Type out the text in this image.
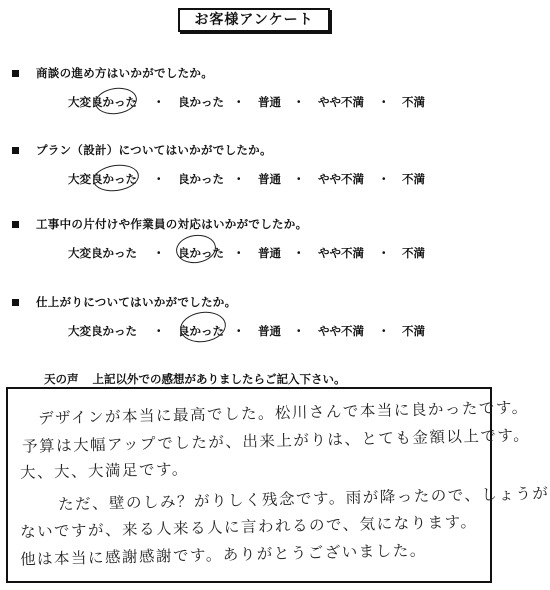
お客様アンケート
商談の進め方はいかがでしたか。
大変良かった ・ 良かった ・ 普通 ・ やや不満 ・ 不満
プラン（設計）についてはいかがでしたか。
大変良かった ・ 良かった ・ 普通 ・ やや不満 ・ 不満
工事中の片付けや作業員の対応はいかがでしたか。
大変良かった ・ 良かった ・ 普通 ・ やや不満 ・ 不満
仕上がりについてはいかがでしたか。
大変良かった ・ 良かった ・ 普通 ・ やや不満 ・ 不満
天の声 上記以外での感想がありましたらご記入下さい。
デザインが本当に最高でした。松川さんで本当に良かったです。
予算は大幅アップでしたが、出来上がりは、とても金額以上です。
大、大、大満足です。
ただ、壁のしみ？がりしく残念です。雨が降ったので、しょうが
ないですが、来る人来る人に言われるので、気になります。
他は本当に感謝感謝です。ありがとうございました。
